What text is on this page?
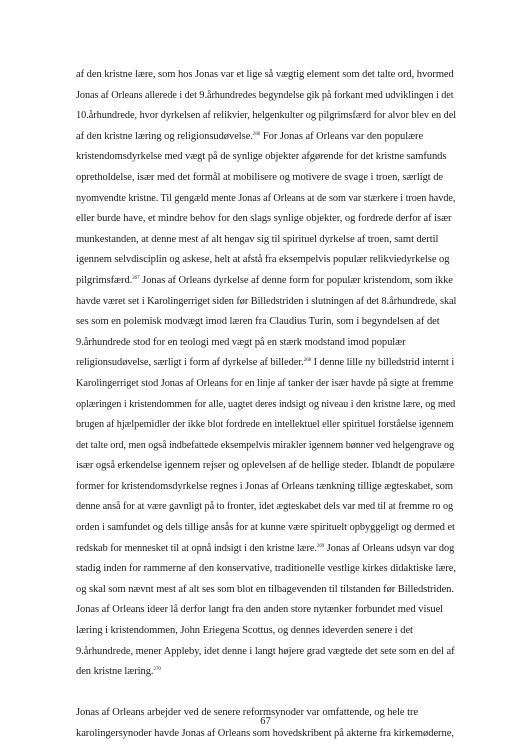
af den kristne lære, som hos Jonas var et lige så vægtig element som det talte ord, hvormed
Jonas af Orleans allerede i det 9.århundredes begyndelse gik på forkant med udviklingen i det
10.århundrede, hvor dyrkelsen af relikvier, helgenkulter og pilgrimsfærd for alvor blev en del
af den kristne læring og religionsudøvelse.$^{266}$ For Jonas af Orleans var den populære
kristendomsdyrkelse med vægt på de synlige objekter afgørende for det kristne samfunds
opretholdelse, især med det formål at mobilisere og motivere de svage i troen, særligt de
nyomvendte kristne. Til gengæld mente Jonas af Orleans at de som var stærkere i troen havde,
eller burde have, et mindre behov for den slags synlige objekter, og fordrede derfor af især
munkestanden, at denne mest af alt hengav sig til spirituel dyrkelse af troen, samt dertil
igennem selvdisciplin og askese, helt at afstå fra eksempelvis populær relikviedyrkelse og
pilgrimsfærd.$^{267}$ Jonas af Orleans dyrkelse af denne form for populær kristendom, som ikke
havde været set i Karolingerriget siden før Billedstriden i slutningen af det 8.århundrede, skal
ses som en polemisk modvægt imod læren fra Claudius Turin, som i begyndelsen af det
9.århundrede stod for en teologi med vægt på en stærk modstand imod populær
religionsudøvelse, særligt i form af dyrkelse af billeder.$^{268}$ I denne lille ny billedstrid internt i
Karolingerriget stod Jonas af Orleans for en linje af tanker der især havde på sigte at fremme
oplæringen i kristendommen for alle, uagtet deres indsigt og niveau i den kristne lære, og med
brugen af hjælpemidler der ikke blot fordrede en intellektuel eller spirituel forståelse igennem
det talte ord, men også indbefattede eksempelvis mirakler igennem bønner ved helgengrave og
især også erkendelse igennem rejser og oplevelsen af de hellige steder. Iblandt de populære
former for kristendomsdyrkelse regnes i Jonas af Orleans tænkning tillige ægteskabet, som
denne anså for at være gavnligt på to fronter, idet ægteskabet dels var med til at fremme ro og
orden i samfundet og dels tillige ansås for at kunne være spirituelt opbyggeligt og dermed et
redskab for mennesket til at opnå indsigt i den kristne lære.$^{269}$ Jonas af Orleans udsyn var dog
stadig inden for rammerne af den konservative, traditionelle vestlige kirkes didaktiske lære,
og skal som nævnt mest af alt ses som blot en tilbagevenden til tilstanden før Billedstriden.
Jonas af Orleans ideer lå derfor langt fra den anden store nytænker forbundet med visuel
læring i kristendommen, John Eriegena Scottus, og dennes ideverden senere i det
9.århundrede, mener Appleby, idet denne i langt højere grad vægtede det sete som en del af
den kristne læring.$^{270}$
Jonas af Orleans arbejder ved de senere reformsynoder var omfattende, og hele tre
karolingersynoder havde Jonas af Orleans som hovedskribent på akterne fra kirkemøderne,
67
